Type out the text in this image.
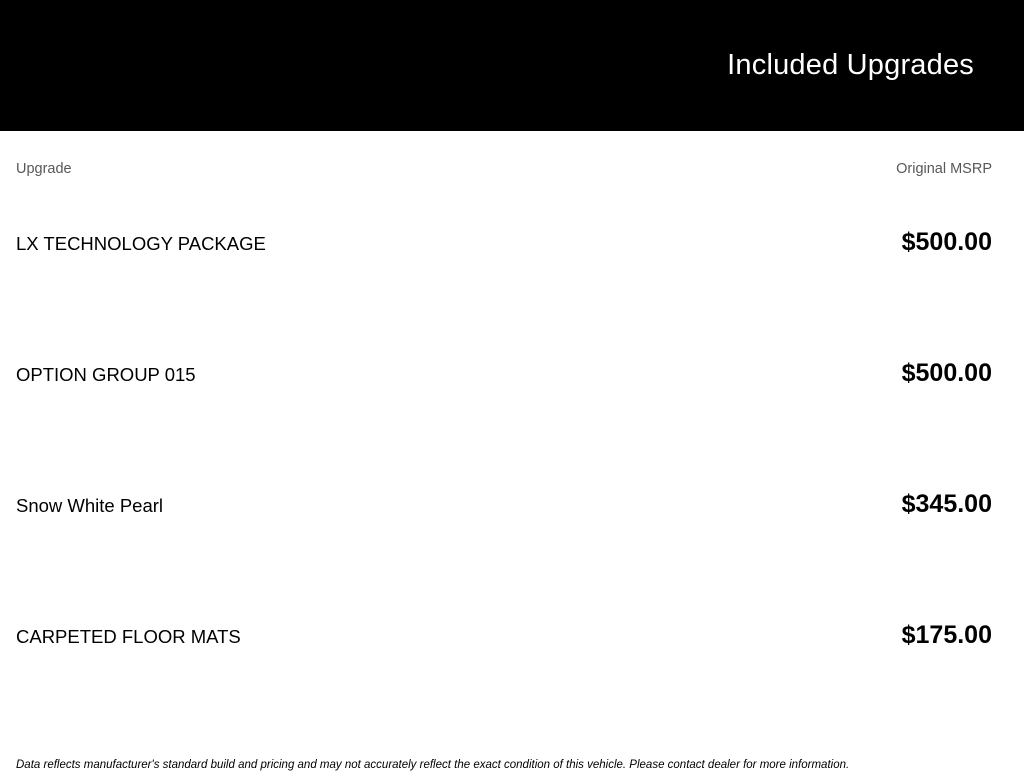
Included Upgrades
Upgrade	Original MSRP
LX TECHNOLOGY PACKAGE	$500.00
OPTION GROUP 015	$500.00
Snow White Pearl	$345.00
CARPETED FLOOR MATS	$175.00
Data reflects manufacturer's standard build and pricing and may not accurately reflect the exact condition of this vehicle. Please contact dealer for more information.
